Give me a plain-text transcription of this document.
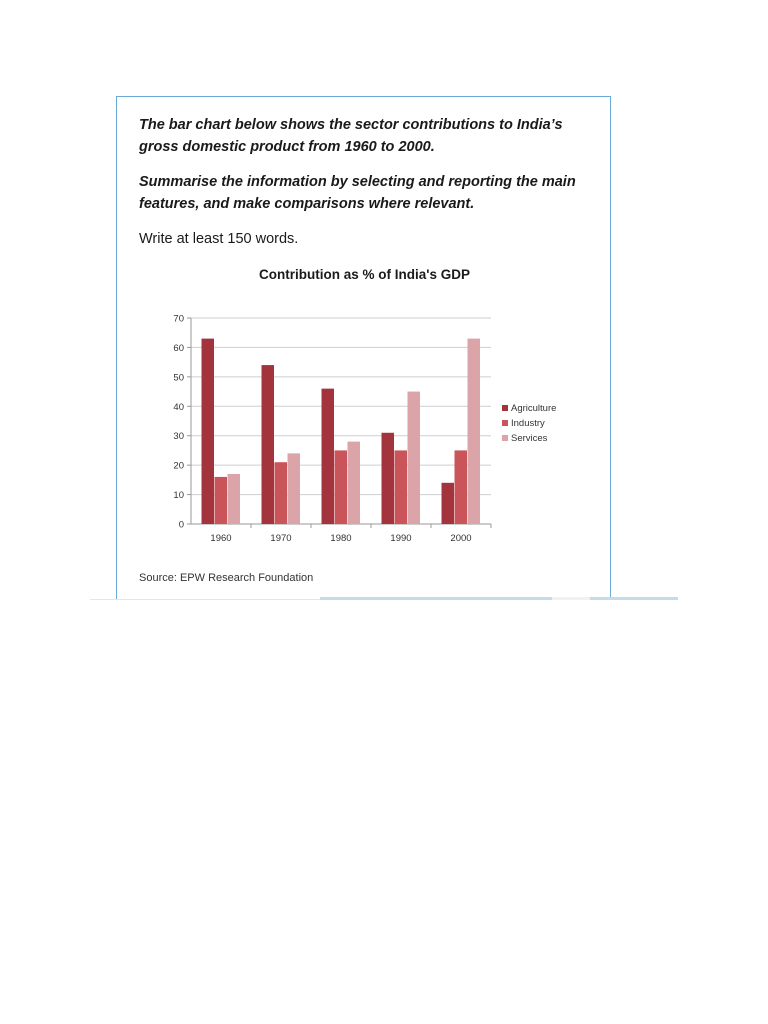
The bar chart below shows the sector contributions to India’s gross domestic product from 1960 to 2000.

Summarise the information by selecting and reporting the main features, and make comparisons where relevant.

Write at least 150 words.

Contribution as % of India's GDP
0
10
20
30
40
50
60
70
1960	1970	1980	1990	2000
Agriculture
Industry
Services
Source: EPW Research Foundation
